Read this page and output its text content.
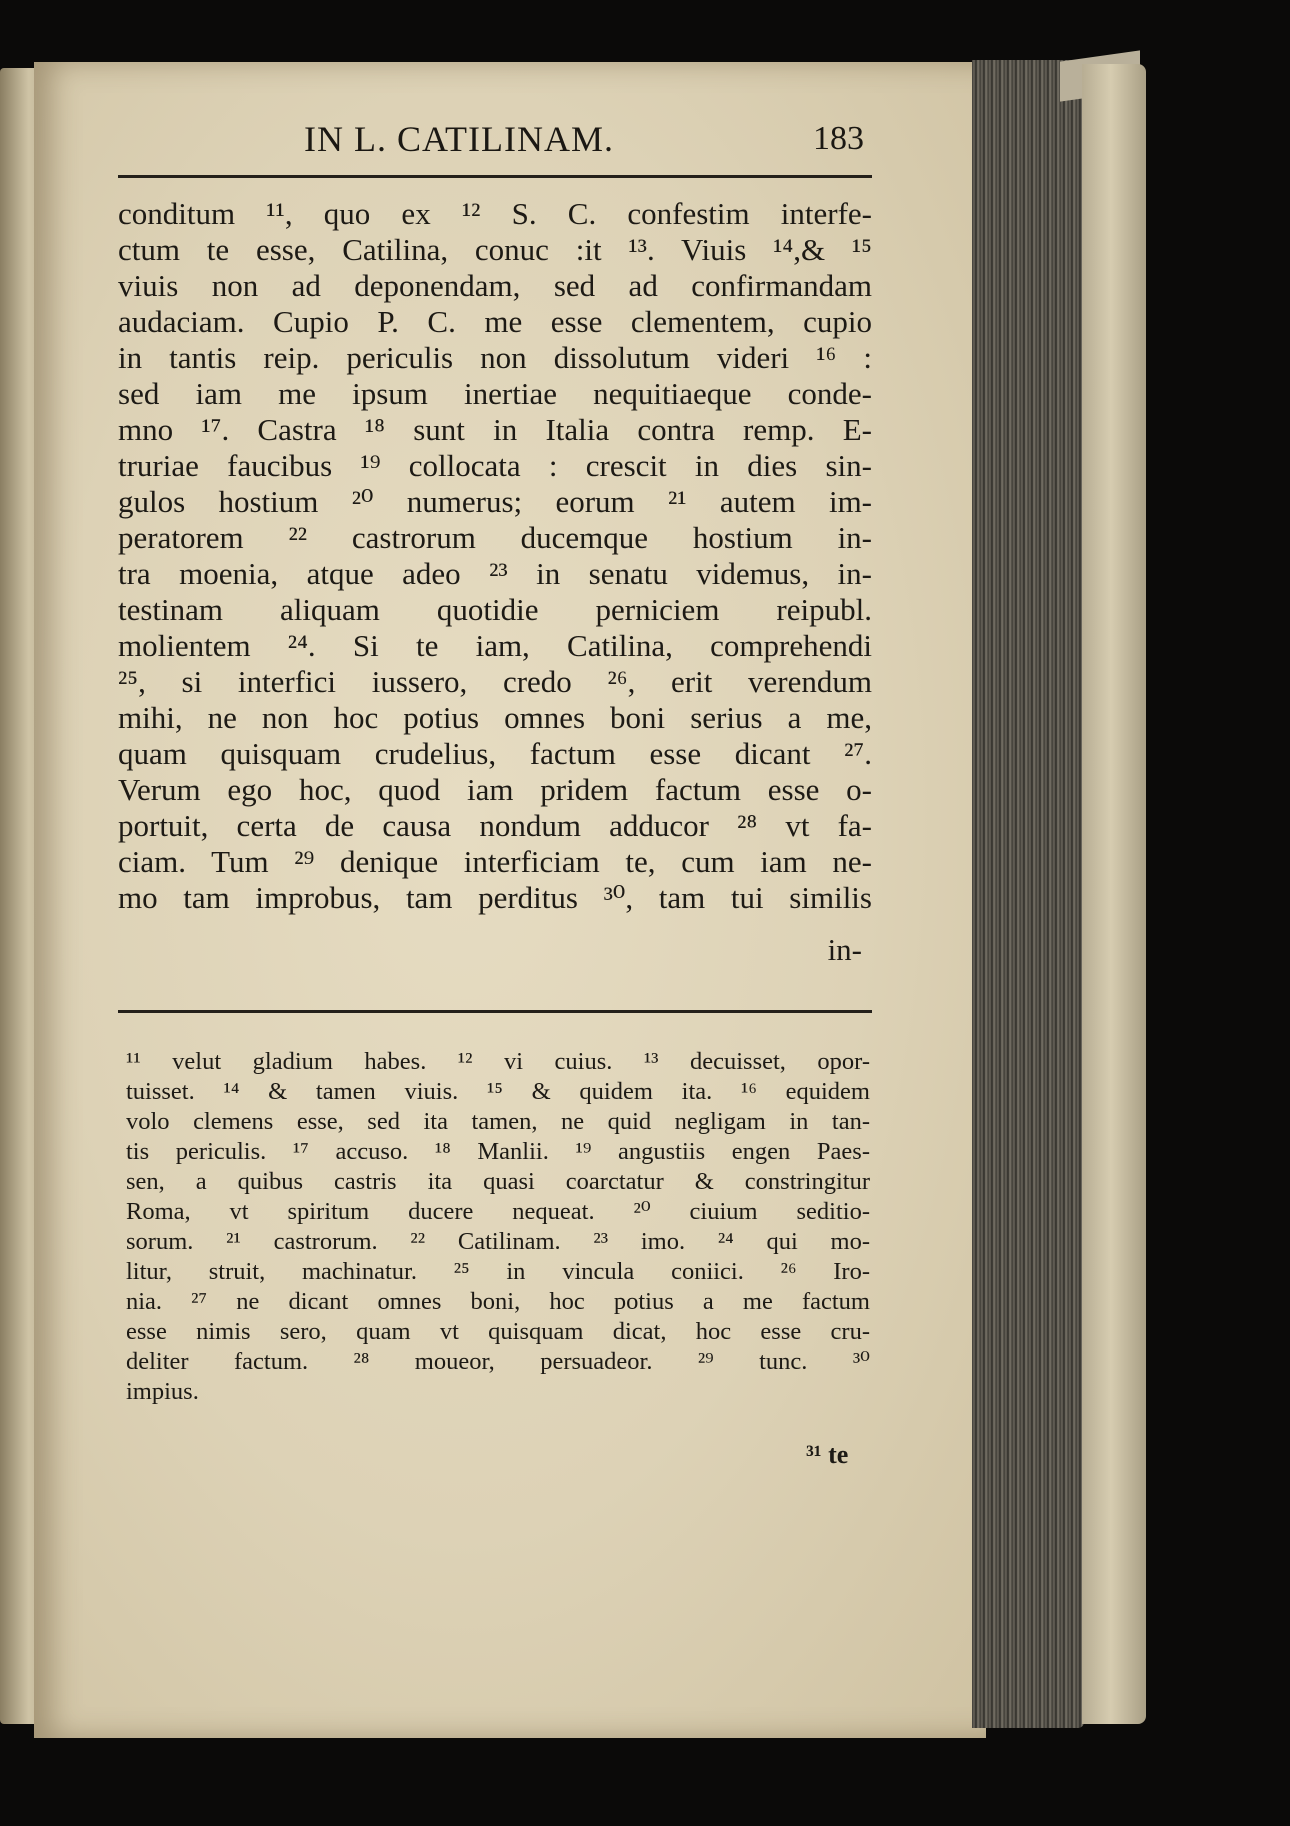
IN L. CATILINAM.	183
conditum ¹¹, quo ex ¹² S. C. confestim interfe-
ctum te esse, Catilina, conuc :it ¹³. Viuis ¹⁴,& ¹⁵
viuis non ad deponendam, sed ad confirmandam
audaciam. Cupio P. C. me esse clementem, cupio
in tantis reip. periculis non dissolutum videri ¹⁶ :
sed iam me ipsum inertiae nequitiaeque conde-
mno ¹⁷. Castra ¹⁸ sunt in Italia contra remp. E-
truriae faucibus ¹⁹ collocata : crescit in dies sin-
gulos hostium ²⁰ numerus; eorum ²¹ autem im-
peratorem ²² castrorum ducemque hostium in-
tra moenia, atque adeo ²³ in senatu videmus, in-
testinam aliquam quotidie perniciem reipubl.
molientem ²⁴. Si te iam, Catilina, comprehendi
²⁵, si interfici iussero, credo ²⁶, erit verendum
mihi, ne non hoc potius omnes boni serius a me,
quam quisquam crudelius, factum esse dicant ²⁷.
Verum ego hoc, quod iam pridem factum esse o-
portuit, certa de causa nondum adducor ²⁸ vt fa-
ciam. Tum ²⁹ denique interficiam te, cum iam ne-
mo tam improbus, tam perditus ³⁰, tam tui similis
in-
¹¹ velut gladium habes. ¹² vi cuius. ¹³ decuisset, opor-
tuisset. ¹⁴ & tamen viuis. ¹⁵ & quidem ita. ¹⁶ equidem
volo clemens esse, sed ita tamen, ne quid negligam in tan-
tis periculis. ¹⁷ accuso. ¹⁸ Manlii. ¹⁹ angustiis engen Paes-
sen, a quibus castris ita quasi coarctatur & constringitur
Roma, vt spiritum ducere nequeat. ²⁰ ciuium seditio-
sorum. ²¹ castrorum. ²² Catilinam. ²³ imo. ²⁴ qui mo-
litur, struit, machinatur. ²⁵ in vincula coniici. ²⁶ Iro-
nia. ²⁷ ne dicant omnes boni, hoc potius a me factum
esse nimis sero, quam vt quisquam dicat, hoc esse cru-
deliter factum. ²⁸ moueor, persuadeor. ²⁹ tunc. ³⁰
impius.
³¹ te
